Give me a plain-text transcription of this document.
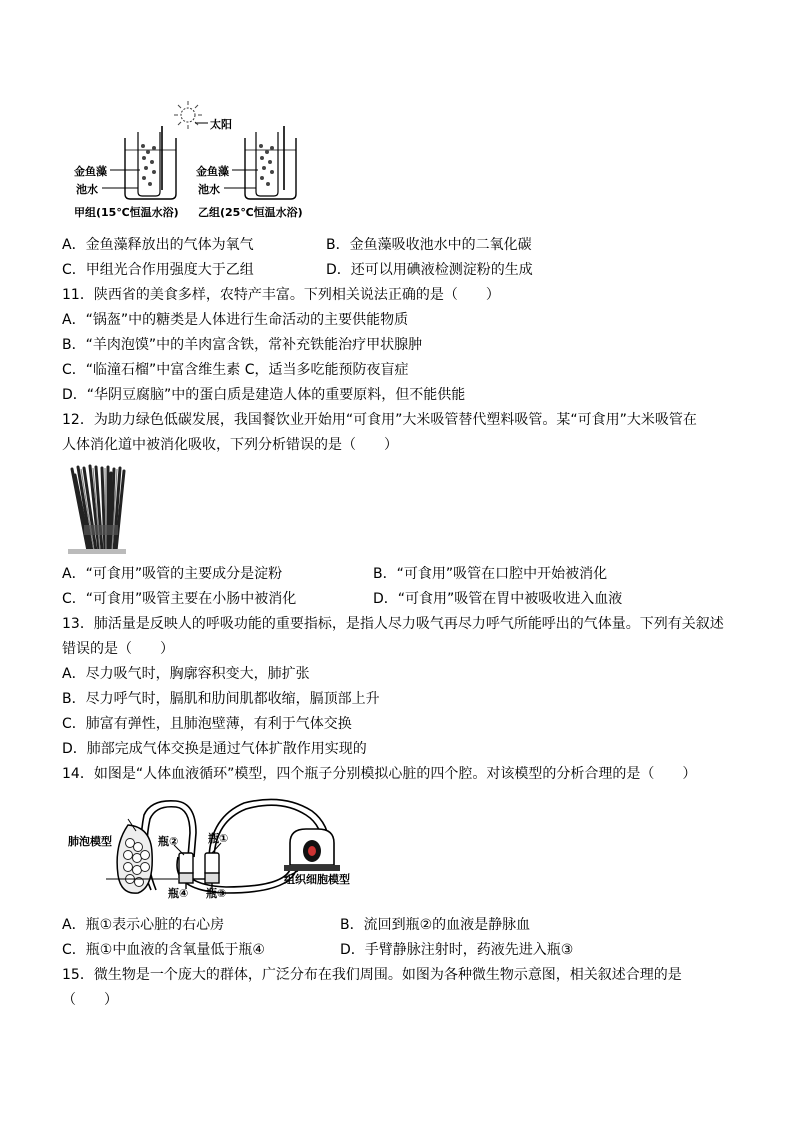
太阳
金鱼藻
池水
甲组(15℃恒温水浴)
金鱼藻
池水
乙组(25℃恒温水浴)
A．金鱼藻释放出的气体为氧气	B．金鱼藻吸收池水中的二氧化碳
C．甲组光合作用强度大于乙组	D．还可以用碘液检测淀粉的生成
11．陕西省的美食多样，农特产丰富。下列相关说法正确的是（　　）
A．“锅盔”中的糖类是人体进行生命活动的主要供能物质
B．“羊肉泡馍”中的羊肉富含铁，常补充铁能治疗甲状腺肿
C．“临潼石榴”中富含维生素 C，适当多吃能预防夜盲症
D．“华阴豆腐脑”中的蛋白质是建造人体的重要原料，但不能供能
12．为助力绿色低碳发展，我国餐饮业开始用“可食用”大米吸管替代塑料吸管。某“可食用”大米吸管在
人体消化道中被消化吸收，下列分析错误的是（　　）
A．“可食用”吸管的主要成分是淀粉	B．“可食用”吸管在口腔中开始被消化
C．“可食用”吸管主要在小肠中被消化	D．“可食用”吸管在胃中被吸收进入血液
13．肺活量是反映人的呼吸功能的重要指标，是指人尽力吸气再尽力呼气所能呼出的气体量。下列有关叙述
错误的是（　　）
A．尽力吸气时，胸廓容积变大，肺扩张
B．尽力呼气时，膈肌和肋间肌都收缩，膈顶部上升
C．肺富有弹性，且肺泡壁薄，有利于气体交换
D．肺部完成气体交换是通过气体扩散作用实现的
14．如图是“人体血液循环”模型，四个瓶子分别模拟心脏的四个腔。对该模型的分析合理的是（　　）
肺泡模型	瓶②	瓶①
瓶④ 瓶③
组织细胞模型
A．瓶①表示心脏的右心房	B．流回到瓶②的血液是静脉血
C．瓶①中血液的含氧量低于瓶④	D．手臂静脉注射时，药液先进入瓶③
15．微生物是一个庞大的群体，广泛分布在我们周围。如图为各种微生物示意图，相关叙述合理的是
（　　）
